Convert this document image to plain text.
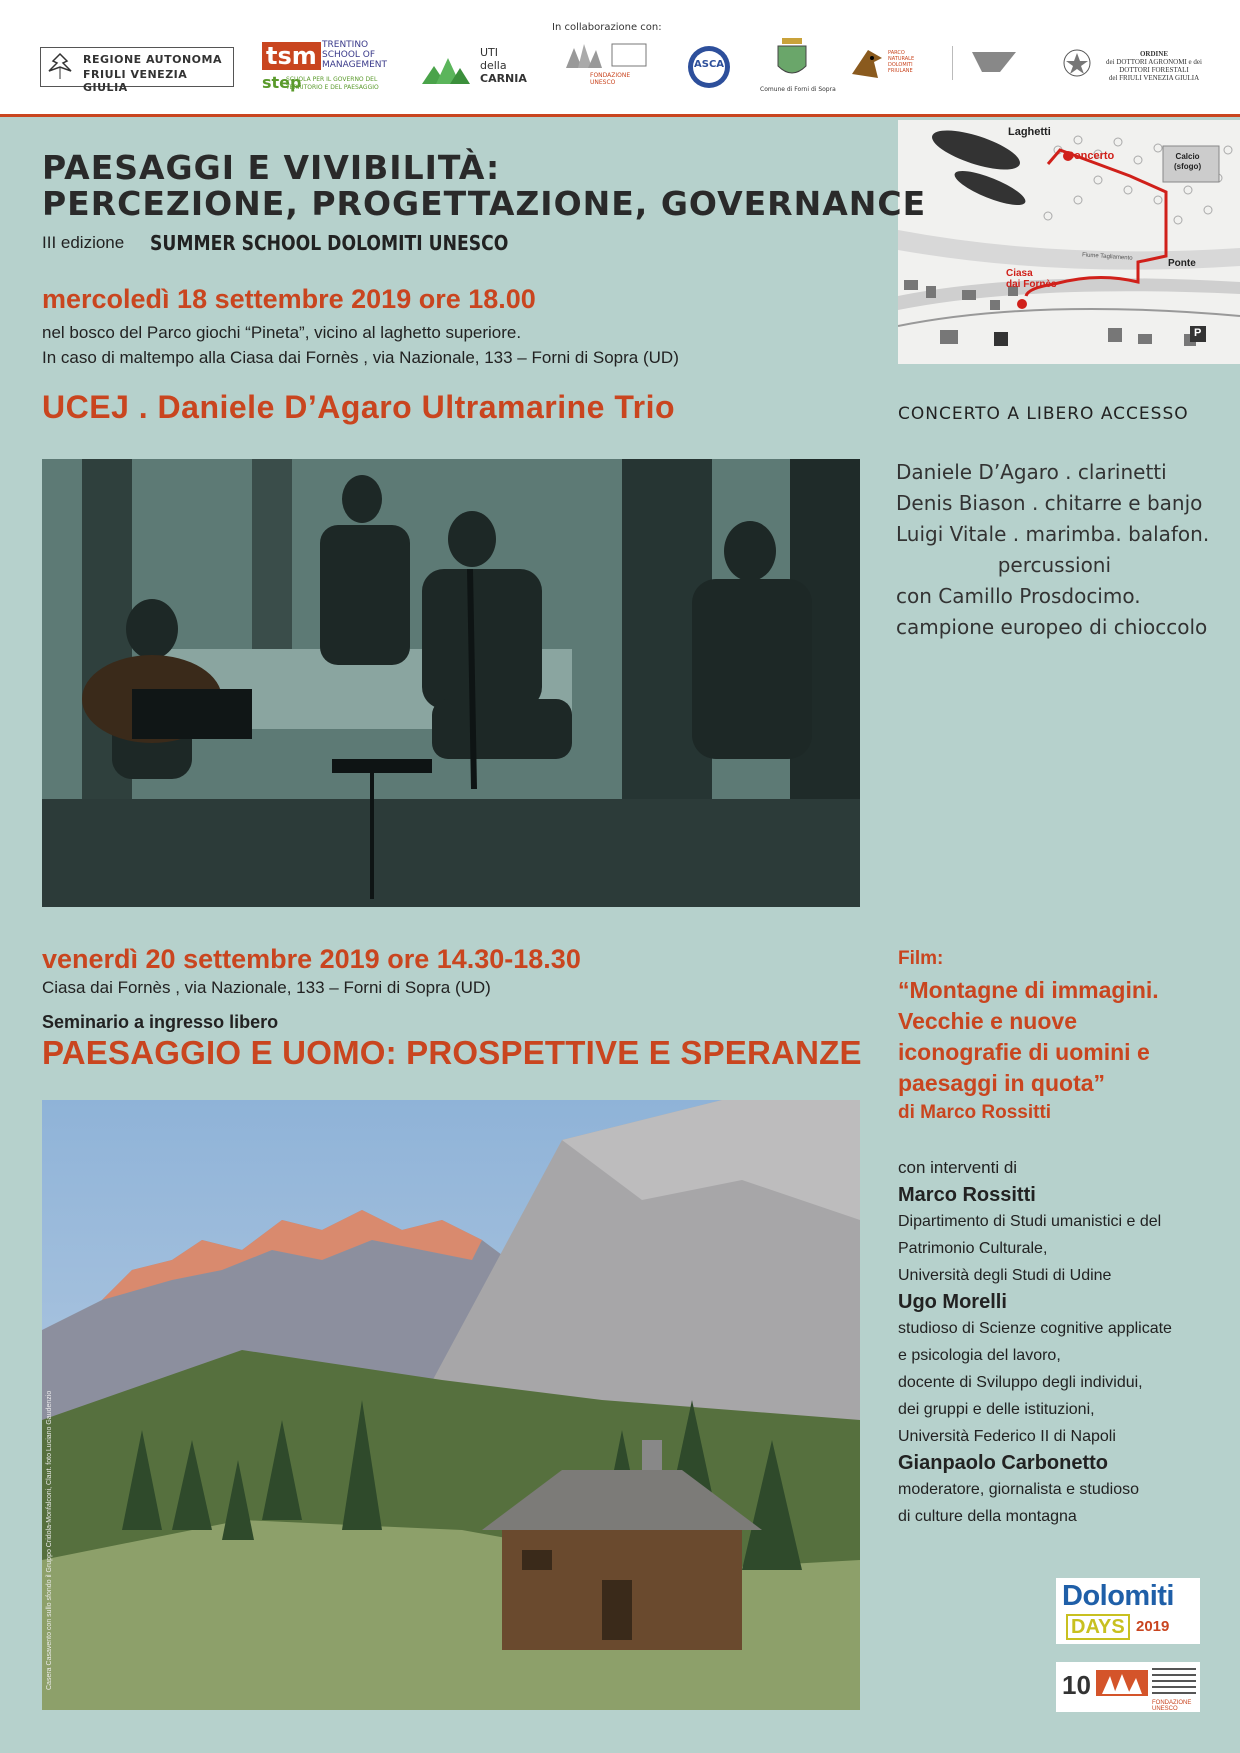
REGIONE AUTONOMA
FRIULI VENEZIA GIULIA
tsm TRENTINO
SCHOOL OF
MANAGEMENT
step
SCUOLA PER IL GOVERNO DEL
TERRITORIO E DEL PAESAGGIO
UTI
della
CARNIA
In collaborazione con:
FONDAZIONE UNESCO
ASCA
Comune di Forni di Sopra
PARCO NATURALE DOLOMITI FRIULANE
ORDINE
dei DOTTORI AGRONOMI e dei
DOTTORI FORESTALI
del FRIULI VENEZIA GIULIA
Laghetti
Concerto	Calcio
(sfogo)
Ponte
Ciasa
dai Fornès
Fiume Tagliamento
P
PAESAGGI E VIVIBILITÀ:
PERCEZIONE, PROGETTAZIONE, GOVERNANCE
III edizione SUMMER SCHOOL DOLOMITI UNESCO
mercoledì 18 settembre 2019 ore 18.00
nel bosco del Parco giochi “Pineta”, vicino al laghetto superiore.
In caso di maltempo alla Ciasa dai Fornès , via Nazionale, 133 – Forni di Sopra (UD)
UCEJ . Daniele D’Agaro Ultramarine Trio	CONCERTO A LIBERO ACCESSO
Daniele D’Agaro . clarinetti
Denis Biason . chitarre e banjo
Luigi Vitale . marimba. balafon.
percussioni
con Camillo Prosdocimo.
campione europeo di chioccolo
venerdì 20 settembre 2019 ore 14.30-18.30
Ciasa dai Fornès , via Nazionale, 133 – Forni di Sopra (UD)
Seminario a ingresso libero
PAESAGGIO E UOMO: PROSPETTIVE E SPERANZE
Casera Casavento con sullo sfondo il Gruppo Cridola-Monfalconi, Claut. foto Luciano Gaudenzio
Film:
“Montagne di immagini.
Vecchie e nuove
iconografie di uomini e
paesaggi in quota”
di Marco Rossitti
con interventi di
Marco Rossitti
Dipartimento di Studi umanistici e del
Patrimonio Culturale,
Università degli Studi di Udine
Ugo Morelli
studioso di Scienze cognitive applicate
e psicologia del lavoro,
docente di Sviluppo degli individui,
dei gruppi e delle istituzioni,
Università Federico II di Napoli
Gianpaolo Carbonetto
moderatore, giornalista e studioso
di culture della montagna
Dolomiti
DAYS 2019
10
FONDAZIONE UNESCO
